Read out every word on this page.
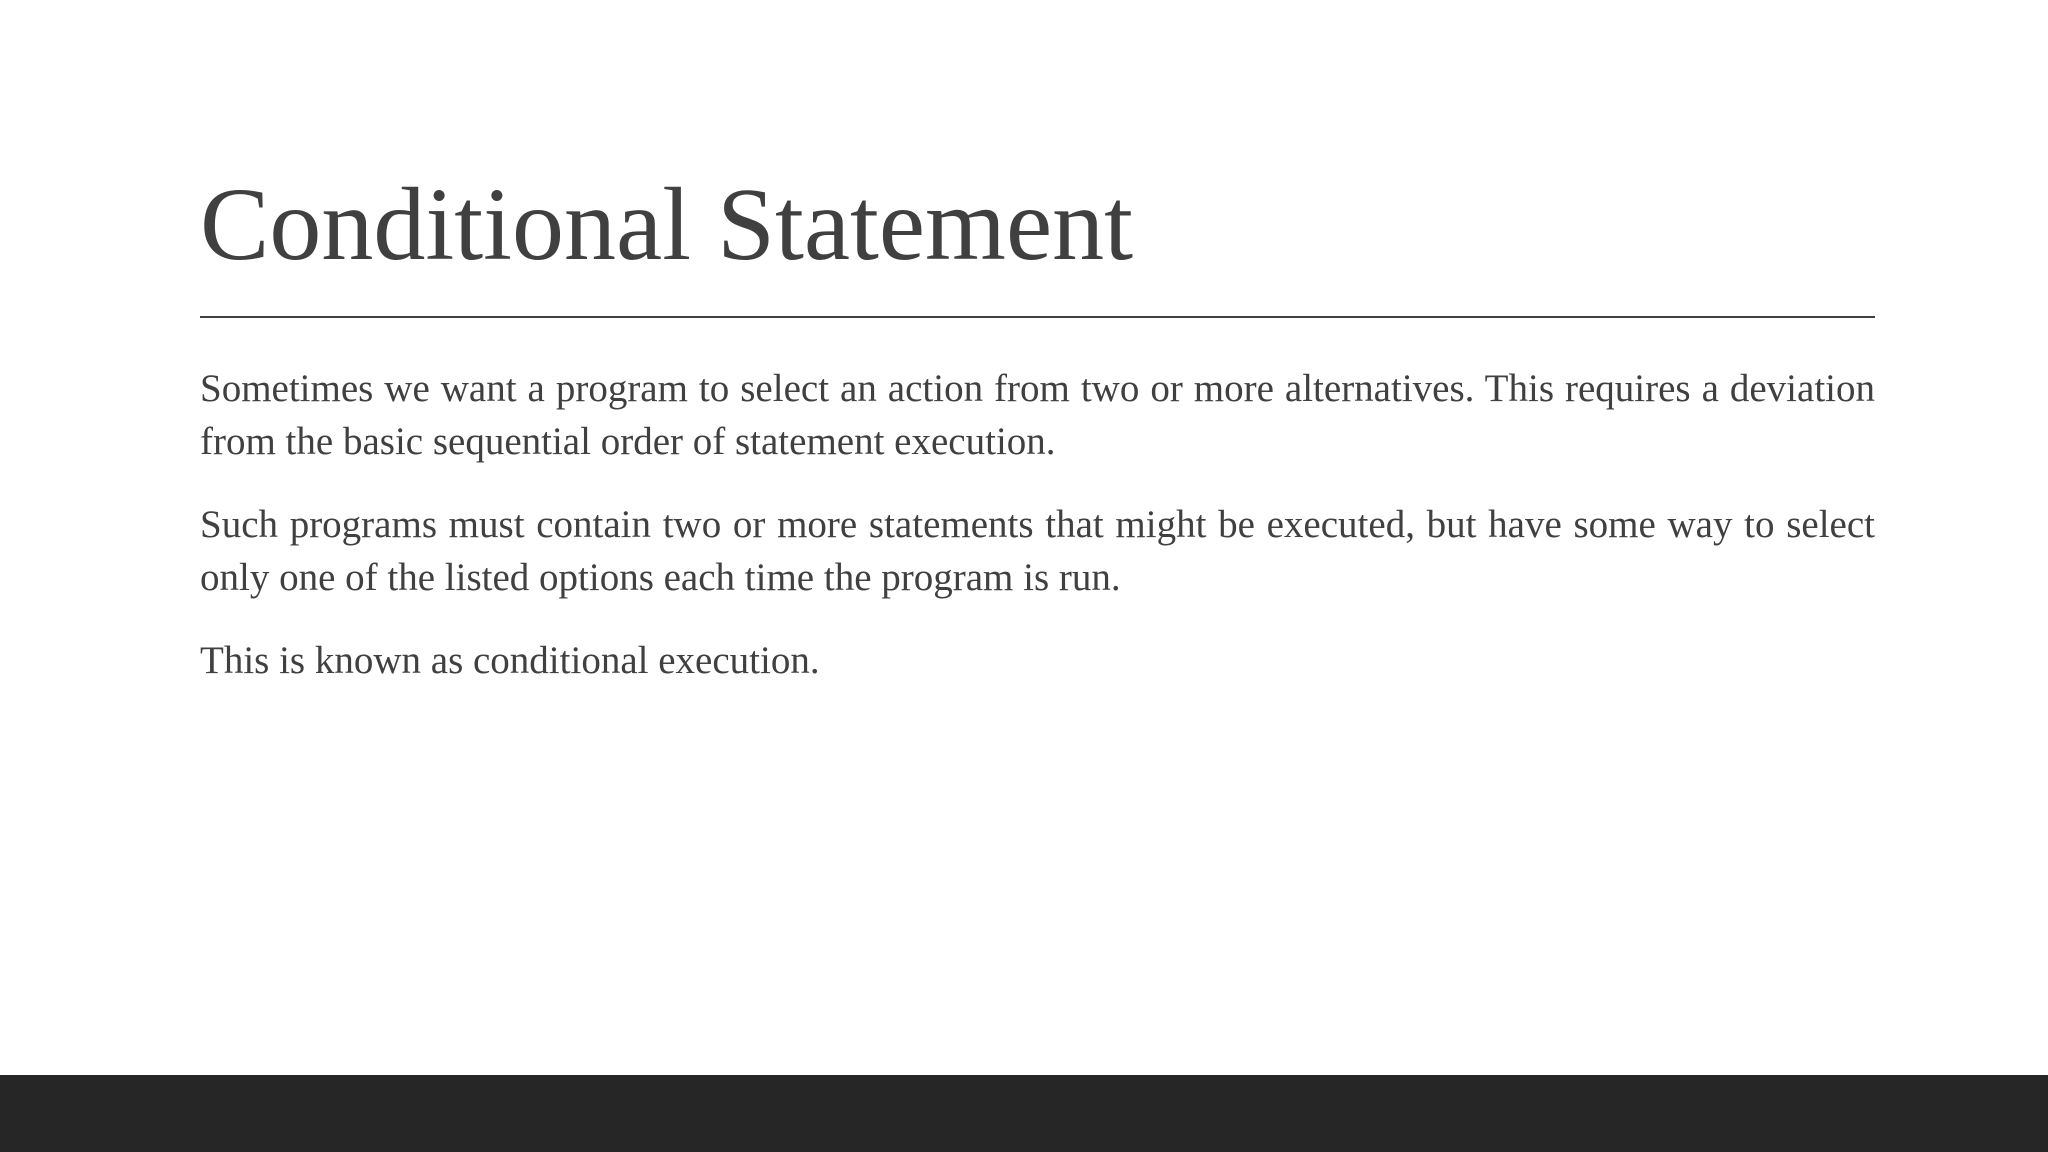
Conditional Statement

Sometimes we want a program to select an action from two or more alternatives. This requires a deviation from the basic sequential order of statement execution.

Such programs must contain two or more statements that might be executed, but have some way to select only one of the listed options each time the program is run.

This is known as conditional execution.
